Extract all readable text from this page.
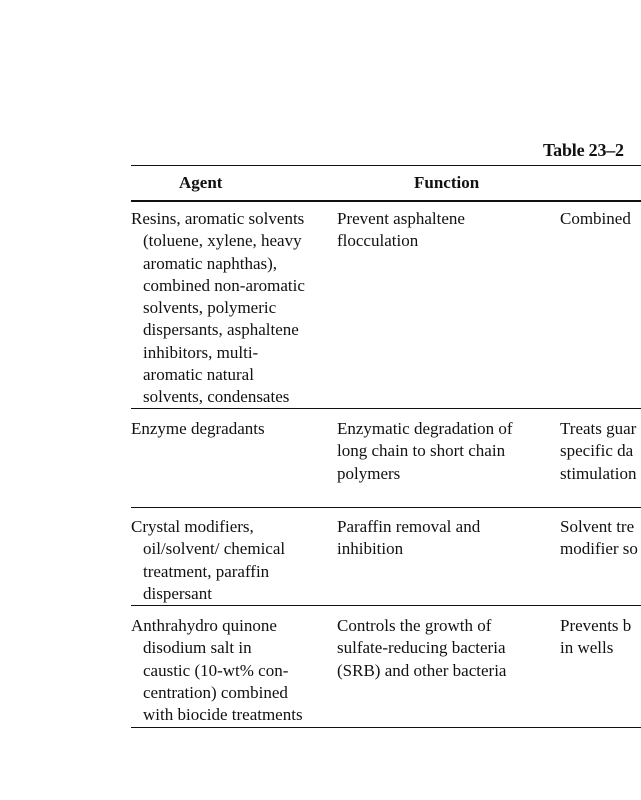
Table 23–2
Agent	Function
Resins, aromatic solvents
(toluene, xylene, heavy
aromatic naphthas),
combined non-aromatic
solvents, polymeric
dispersants, asphaltene
inhibitors, multi-
aromatic natural
solvents, condensates
Prevent asphaltene
flocculation
Combined
Enzyme degradants	Enzymatic degradation of
long chain to short chain
polymers
Treats guar
specific da
stimulation
Crystal modifiers,
oil/solvent/ chemical
treatment, paraffin
dispersant
Paraffin removal and
inhibition
Solvent tre
modifier so
Anthrahydro quinone
disodium salt in
caustic (10-wt% con-
centration) combined
with biocide treatments
Controls the growth of
sulfate-reducing bacteria
(SRB) and other bacteria
Prevents b
in wells
